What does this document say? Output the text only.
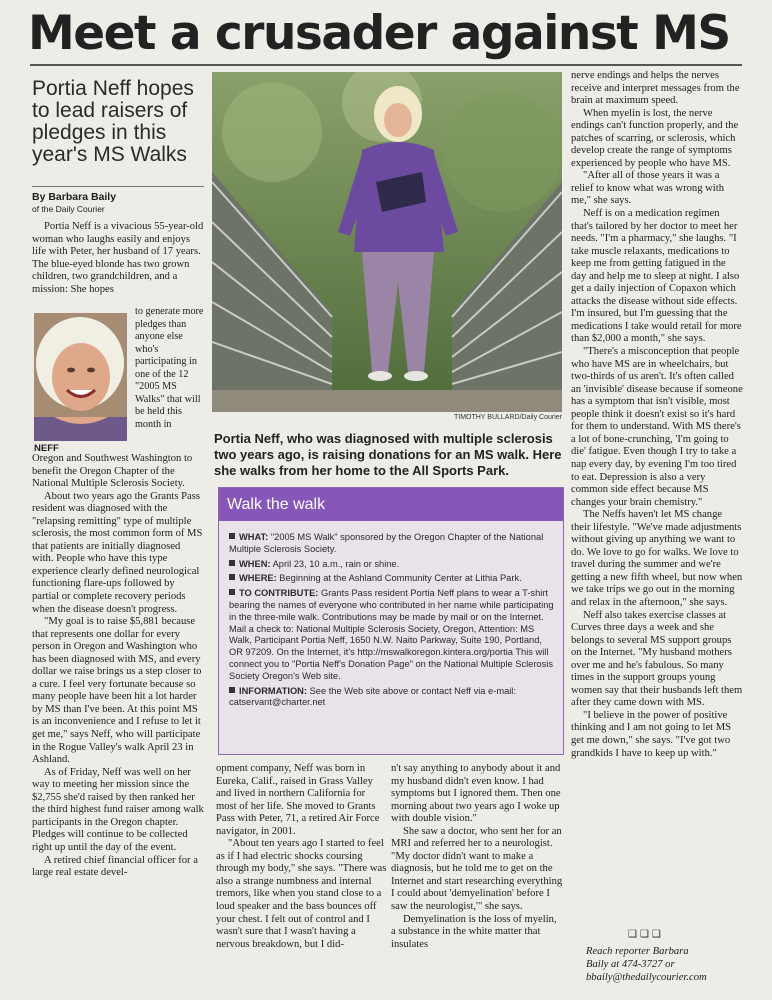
Meet a crusader against MS
Portia Neff hopes to lead raisers of pledges in this year's MS Walks
By Barbara Baily
of the Daily Courier

Portia Neff is a vivacious 55-year-old woman who laughs easily and enjoys life with Peter, her husband of 17 years. The blue-eyed blonde has two grown children, two grandchildren, and a mission: She hopes

NEFF

to generate more pledges than anyone else who's participating in one of the 12 "2005 MS Walks" that will be held this month in

Oregon and Southwest Washington to benefit the Oregon Chapter of the National Multiple Sclerosis Society.

About two years ago the Grants Pass resident was diagnosed with the "relapsing remitting" type of multiple sclerosis, the most common form of MS that patients are initially diagnosed with. People who have this type experience clearly defined neurological functioning flare-ups followed by partial or complete recovery periods when the disease doesn't progress.

"My goal is to raise $5,881 because that represents one dollar for every person in Oregon and Washington who has been diagnosed with MS, and every dollar we raise brings us a step closer to a cure. I feel very fortunate because so many people have been hit a lot harder by MS than I've been. At this point MS is an inconvenience and I refuse to let it get me," says Neff, who will participate in the Rogue Valley's walk April 23 in Ashland.

As of Friday, Neff was well on her way to meeting her mission since the $2,755 she'd raised by then ranked her the third highest fund raiser among walk participants in the Oregon chapter. Pledges will continue to be collected right up until the day of the event.

A retired chief financial officer for a large real estate devel-

TIMOTHY BULLARD/Daily Courier
Portia Neff, who was diagnosed with multiple sclerosis two years ago, is raising donations for an MS walk. Here she walks from her home to the All Sports Park.
Walk the walk

WHAT: "2005 MS Walk" sponsored by the Oregon Chapter of the National Multiple Sclerosis Society.

WHEN: April 23, 10 a.m., rain or shine.

WHERE: Beginning at the Ashland Community Center at Lithia Park.

TO CONTRIBUTE: Grants Pass resident Portia Neff plans to wear a T-shirt bearing the names of everyone who contributed in her name while participating in the three-mile walk. Contributions may be made by mail or on the Internet. Mail a check to: National Multiple Sclerosis Society, Oregon, Attention: MS Walk, Participant Portia Neff, 1650 N.W. Naito Parkway, Suite 190, Portland, OR 97209. On the Internet, it's http://mswalkoregon.kintera.org/portia This will connect you to "Portia Neff's Donation Page" on the National Multiple Sclerosis Society Oregon's Web site.

INFORMATION: See the Web site above or contact Neff via e-mail: catservant@charter.net

opment company, Neff was born in Eureka, Calif., raised in Grass Valley and lived in northern California for most of her life. She moved to Grants Pass with Peter, 71, a retired Air Force navigator, in 2001.

"About ten years ago I started to feel as if I had electric shocks coursing through my body," she says. "There was also a strange numbness and internal tremors, like when you stand close to a loud speaker and the bass bounces off your chest. I felt out of control and I wasn't sure that I wasn't having a nervous breakdown, but I did-

n't say anything to anybody about it and my husband didn't even know. I had symptoms but I ignored them. Then one morning about two years ago I woke up with double vision."

She saw a doctor, who sent her for an MRI and referred her to a neurologist. "My doctor didn't want to make a diagnosis, but he told me to get on the Internet and start researching everything I could about 'demyelination' before I saw the neurologist,'" she says.

Demyelination is the loss of myelin, a substance in the white matter that insulates

nerve endings and helps the nerves receive and interpret messages from the brain at maximum speed.

When myelin is lost, the nerve endings can't function properly, and the patches of scarring, or sclerosis, which develop create the range of symptoms experienced by people who have MS.

"After all of those years it was a relief to know what was wrong with me," she says.

Neff is on a medication regimen that's tailored by her doctor to meet her needs. "I'm a pharmacy," she laughs. "I take muscle relaxants, medications to keep me from getting fatigued in the day and help me to sleep at night. I also get a daily injection of Copaxon which attacks the disease without side effects. I'm insured, but I'm guessing that the medications I take would retail for more than $2,000 a month," she says.

"There's a misconception that people who have MS are in wheelchairs, but two-thirds of us aren't. It's often called an 'invisible' disease because if someone has a symptom that isn't visible, most people think it doesn't exist so it's hard for them to understand. With MS there's a lot of bone-crunching, 'I'm going to die' fatigue. Even though I try to take a nap every day, by evening I'm too tired to eat. Depression is also a very common side effect because MS changes your brain chemistry."

The Neffs haven't let MS change their lifestyle. "We've made adjustments without giving up anything we want to do. We love to go for walks. We love to travel during the summer and we're getting a new fifth wheel, but now when we take trips we go out in the morning and relax in the afternoon," she says.

Neff also takes exercise classes at Curves three days a week and she belongs to several MS support groups on the Internet. "My husband mothers over me and he's fabulous. So many times in the support groups young women say that their husbands left them after they came down with MS.

"I believe in the power of positive thinking and I am not going to let MS get me down," she says. "I've got two grandkids I have to keep up with."

❑❑❑
Reach reporter Barbara
Baily at 474-3727 or
bbaily@thedailycourier.com
